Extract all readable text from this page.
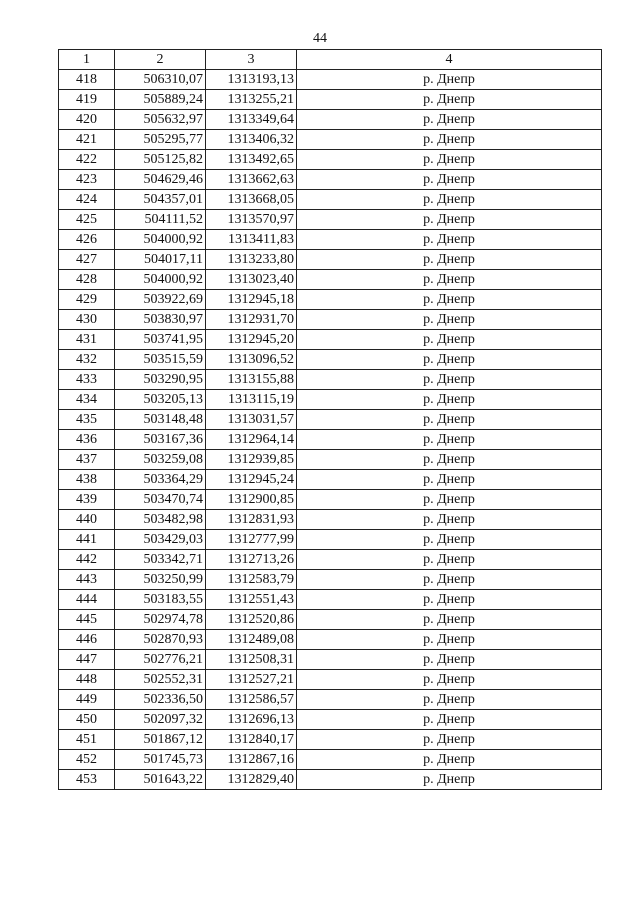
44
1	2	3	4
418	506310,07	1313193,13	р. Днепр
419	505889,24	1313255,21	р. Днепр
420	505632,97	1313349,64	р. Днепр
421	505295,77	1313406,32	р. Днепр
422	505125,82	1313492,65	р. Днепр
423	504629,46	1313662,63	р. Днепр
424	504357,01	1313668,05	р. Днепр
425	504111,52	1313570,97	р. Днепр
426	504000,92	1313411,83	р. Днепр
427	504017,11	1313233,80	р. Днепр
428	504000,92	1313023,40	р. Днепр
429	503922,69	1312945,18	р. Днепр
430	503830,97	1312931,70	р. Днепр
431	503741,95	1312945,20	р. Днепр
432	503515,59	1313096,52	р. Днепр
433	503290,95	1313155,88	р. Днепр
434	503205,13	1313115,19	р. Днепр
435	503148,48	1313031,57	р. Днепр
436	503167,36	1312964,14	р. Днепр
437	503259,08	1312939,85	р. Днепр
438	503364,29	1312945,24	р. Днепр
439	503470,74	1312900,85	р. Днепр
440	503482,98	1312831,93	р. Днепр
441	503429,03	1312777,99	р. Днепр
442	503342,71	1312713,26	р. Днепр
443	503250,99	1312583,79	р. Днепр
444	503183,55	1312551,43	р. Днепр
445	502974,78	1312520,86	р. Днепр
446	502870,93	1312489,08	р. Днепр
447	502776,21	1312508,31	р. Днепр
448	502552,31	1312527,21	р. Днепр
449	502336,50	1312586,57	р. Днепр
450	502097,32	1312696,13	р. Днепр
451	501867,12	1312840,17	р. Днепр
452	501745,73	1312867,16	р. Днепр
453	501643,22	1312829,40	р. Днепр
